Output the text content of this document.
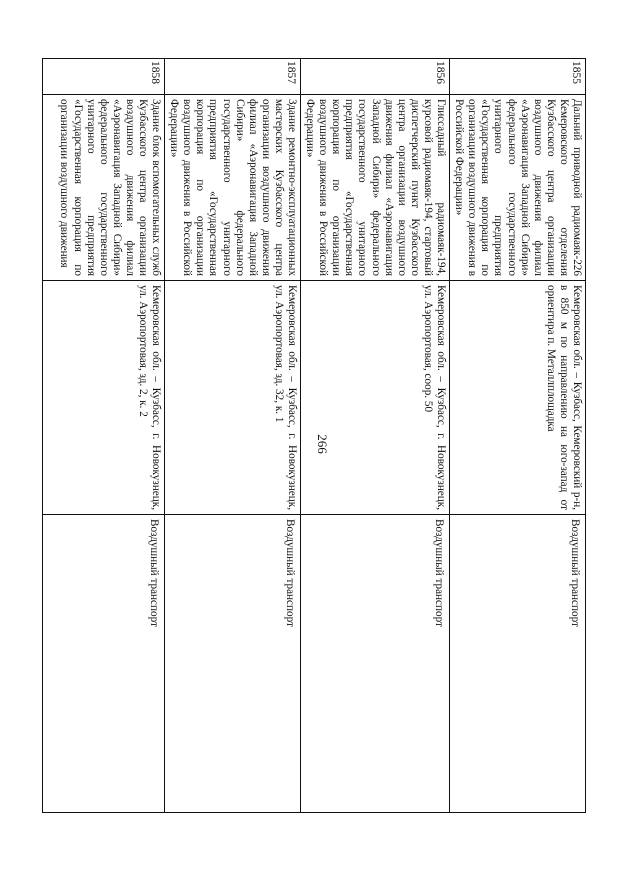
266
1855	Дальний приводной радиомаяк-226 Кемеровского отделения Кузбасского центра организации воздушного движения филиал «Аэронавигация Западной Сибири» федерального государственного унитарного предприятия «Государственная корпорация по организации воздушного движения в Российской Федерации»	Кемеровская обл. – Кузбасс, Кемеровский р-н, в 850 м по направлению на юго-запад от ориентира п. Металлплощадка	Воздушный транспорт
1856	Глиссадный радиомаяк-194, курсовой радиомаяк-194, стартовый диспетчерский пункт Кузбасского центра организации воздушного движения филиал «Аэронавигация Западной Сибири» федерального государственного унитарного предприятия «Государственная корпорация по организации воздушного движения в Российской Федерации»	Кемеровская обл. – Кузбасс, г. Новокузнецк, ул. Аэропортовая, соор. 50	Воздушный транспорт
1857	Здание ремонтно-эксплуатационных мастерских Кузбасского центра организации воздушного движения филиал «Аэронавигация Западной Сибири» федерального государственного унитарного предприятия «Государственная корпорация по организации воздушного движения в Российской Федерации»	Кемеровская обл. – Кузбасс, г. Новокузнецк, ул. Аэропортовая, зд. 32, к. 1	Воздушный транспорт
1858	Здание блок вспомогательных служб Кузбасского центра организации воздушного движения филиал «Аэронавигация Западной Сибири» федерального государственного унитарного предприятия «Государственная корпорация по организации воздушного движения	Кемеровская обл. – Кузбасс, г. Новокузнецк, ул. Аэропортовая, зд. 2, к. 2	Воздушный транспорт
